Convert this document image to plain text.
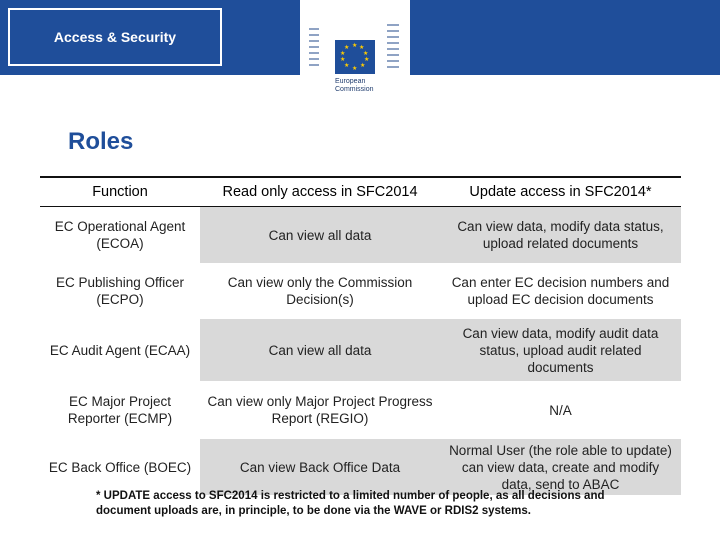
Access & Security
★ ★
★
★
★
★
★
★
★
★
European
Commission
Roles
Function	Read only access in SFC2014	Update access in SFC2014*
EC Operational Agent (ECOA)	Can view all data	Can view data, modify data status, upload related documents
EC Publishing Officer (ECPO)	Can view only the Commission Decision(s)	Can enter EC decision numbers and upload EC decision documents
EC Audit Agent (ECAA)	Can view all data	Can view data, modify audit data status, upload audit related documents
EC Major Project Reporter (ECMP)	Can view only Major Project Progress Report (REGIO)	N/A
EC Back Office (BOEC)	Can view Back Office Data	Normal User (the role able to update) can view data, create and modify data, send to ABAC
* UPDATE access to SFC2014 is restricted to a limited number of people, as all decisions and document uploads are, in principle, to be done via the WAVE or RDIS2 systems.
